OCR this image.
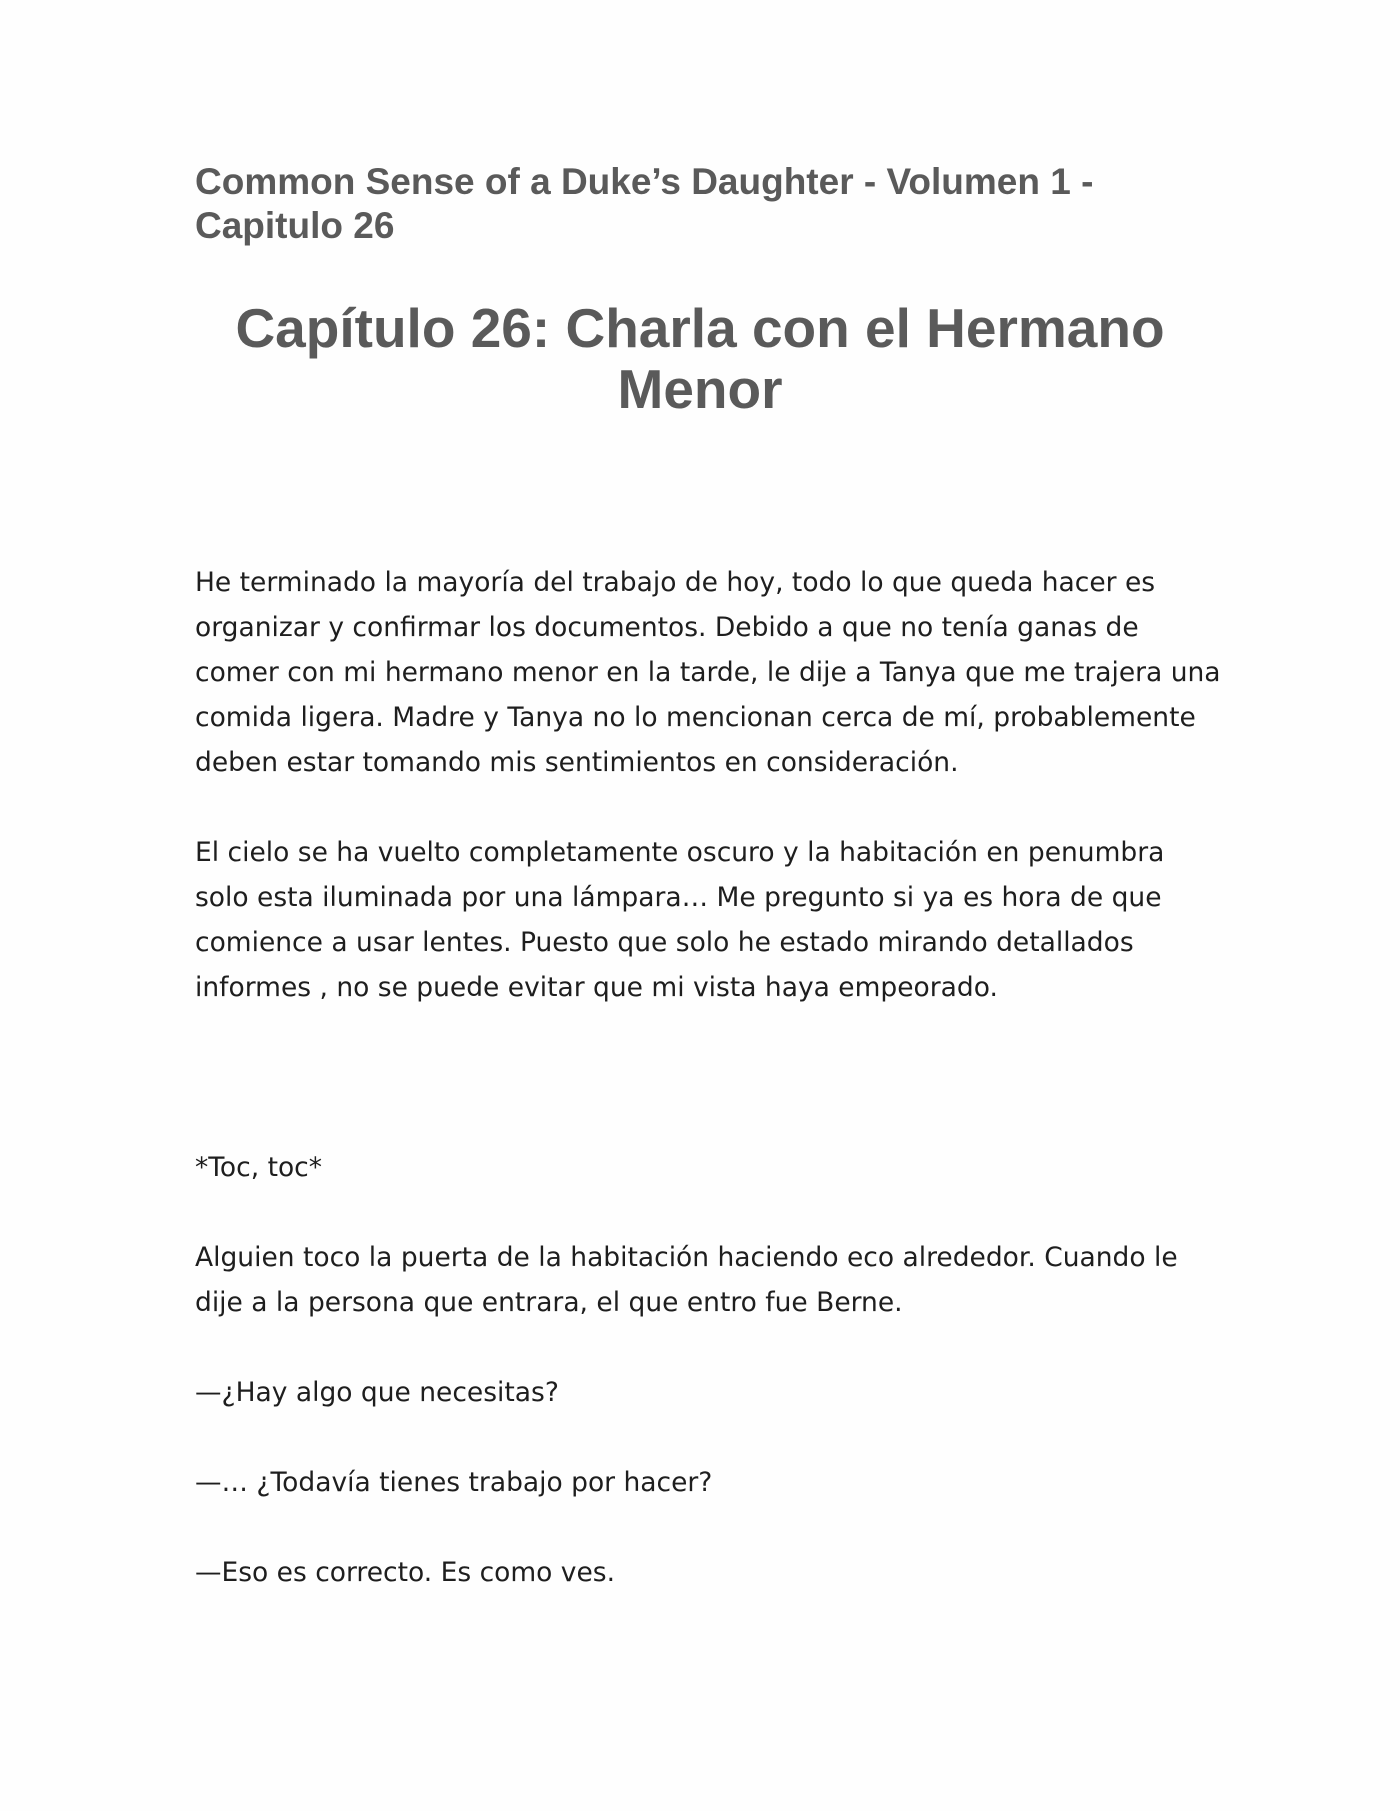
Common Sense of a Duke’s Daughter - Volumen 1 - Capitulo 26
Capítulo 26: Charla con el Hermano Menor

He terminado la mayoría del trabajo de hoy, todo lo que queda hacer es organizar y confirmar los documentos. Debido a que no tenía ganas de comer con mi hermano menor en la tarde, le dije a Tanya que me trajera una comida ligera. Madre y Tanya no lo mencionan cerca de mí, probablemente deben estar tomando mis sentimientos en consideración.

El cielo se ha vuelto completamente oscuro y la habitación en penumbra solo esta iluminada por una lámpara… Me pregunto si ya es hora de que comience a usar lentes. Puesto que solo he estado mirando detallados informes , no se puede evitar que mi vista haya empeorado.

*Toc, toc*

Alguien toco la puerta de la habitación haciendo eco alrededor. Cuando le dije a la persona que entrara, el que entro fue Berne.

—¿Hay algo que necesitas?

—… ¿Todavía tienes trabajo por hacer?

—Eso es correcto. Es como ves.
